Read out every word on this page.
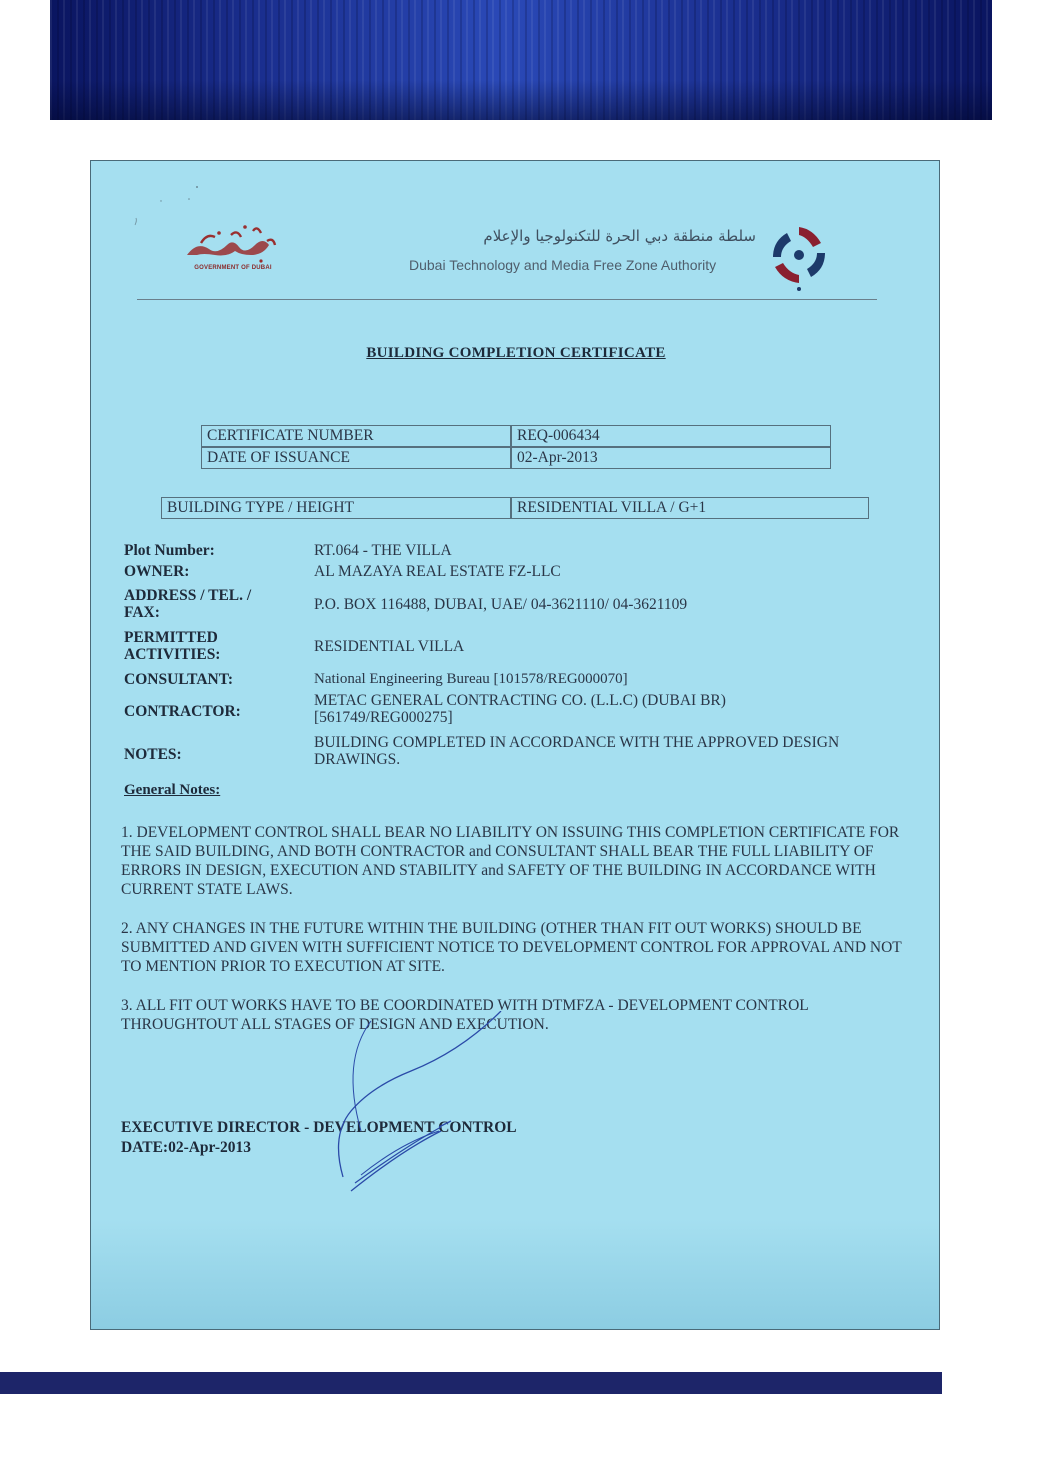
GOVERNMENT OF DUBAI
سلطة منطقة دبي الحرة للتكنولوجيا والإعلام
Dubai Technology and Media Free Zone Authority
BUILDING COMPLETION CERTIFICATE
CERTIFICATE NUMBER	REQ-006434
DATE OF ISSUANCE	02-Apr-2013
BUILDING TYPE / HEIGHT	RESIDENTIAL VILLA / G+1
Plot Number:	RT.064 - THE VILLA
OWNER:	AL MAZAYA REAL ESTATE FZ-LLC
ADDRESS / TEL. / FAX:	P.O. BOX 116488, DUBAI, UAE/ 04-3621110/ 04-3621109
PERMITTED ACTIVITIES:	RESIDENTIAL VILLA
CONSULTANT:	National Engineering Bureau [101578/REG000070]
CONTRACTOR:
METAC GENERAL CONTRACTING CO. (L.L.C) (DUBAI BR) [561749/REG000275]
NOTES:
BUILDING COMPLETED IN ACCORDANCE WITH THE APPROVED DESIGN DRAWINGS.
General Notes:

1. DEVELOPMENT CONTROL SHALL BEAR NO LIABILITY ON ISSUING THIS COMPLETION CERTIFICATE FOR THE SAID BUILDING, AND BOTH CONTRACTOR and CONSULTANT SHALL BEAR THE FULL LIABILITY OF ERRORS IN DESIGN, EXECUTION AND STABILITY and SAFETY OF THE BUILDING IN ACCORDANCE WITH CURRENT STATE LAWS.

2. ANY CHANGES IN THE FUTURE WITHIN THE BUILDING (OTHER THAN FIT OUT WORKS) SHOULD BE SUBMITTED AND GIVEN WITH SUFFICIENT NOTICE TO DEVELOPMENT CONTROL FOR APPROVAL AND NOT TO MENTION PRIOR TO EXECUTION AT SITE.

3. ALL FIT OUT WORKS HAVE TO BE COORDINATED WITH DTMFZA - DEVELOPMENT CONTROL THROUGHTOUT ALL STAGES OF DESIGN AND EXECUTION.

EXECUTIVE DIRECTOR - DEVELOPMENT CONTROL
DATE:02-Apr-2013
